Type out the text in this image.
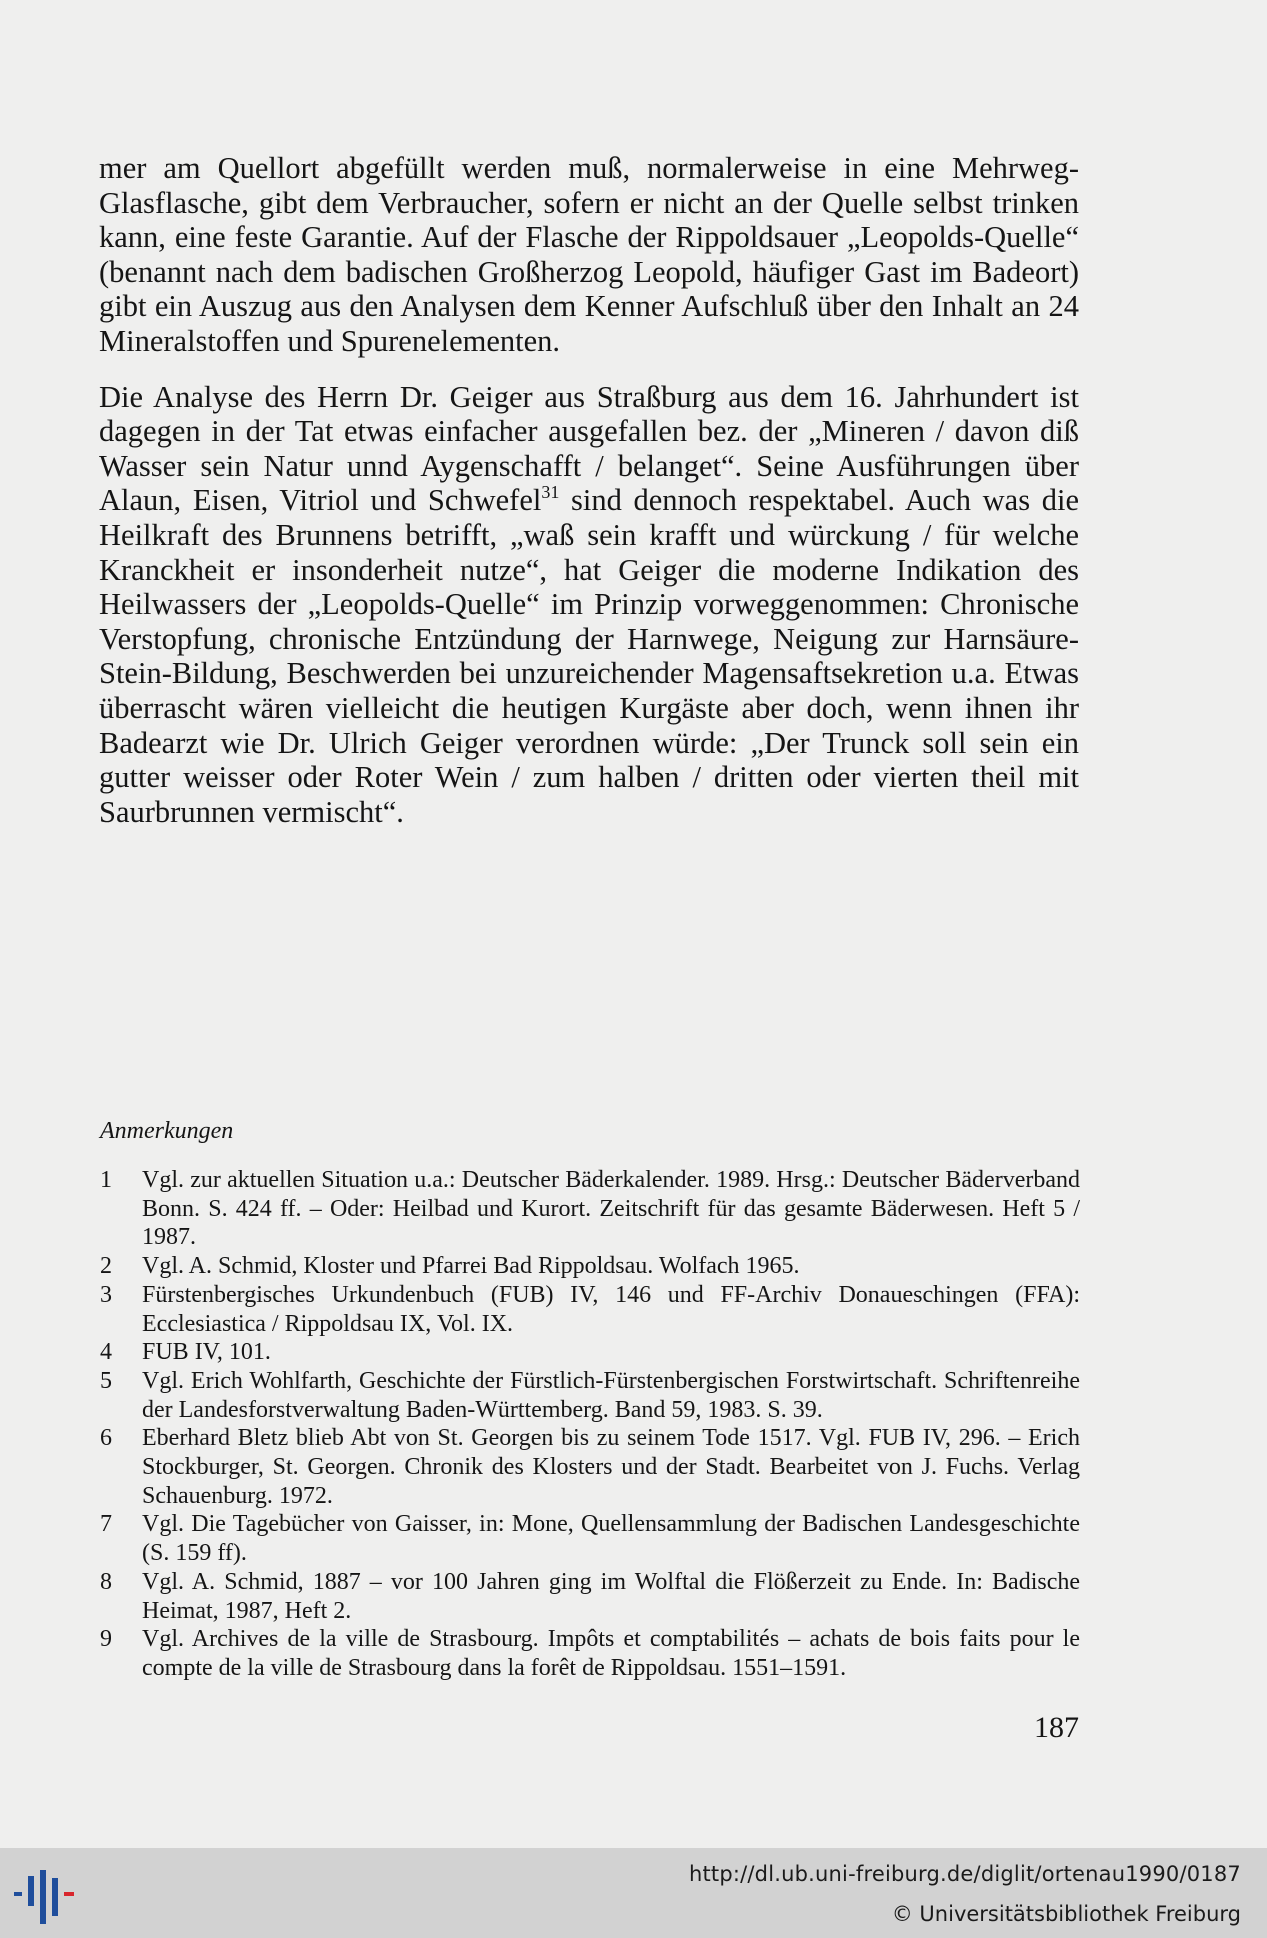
mer am Quellort abgefüllt werden muß, normalerweise in eine Mehrweg-Glasflasche, gibt dem Verbraucher, sofern er nicht an der Quelle selbst trinken kann, eine feste Garantie. Auf der Flasche der Rippoldsauer „Leopolds-Quelle“ (benannt nach dem badischen Großherzog Leopold, häufiger Gast im Badeort) gibt ein Auszug aus den Analysen dem Kenner Aufschluß über den Inhalt an 24 Mineralstoffen und Spurenelementen.

Die Analyse des Herrn Dr. Geiger aus Straßburg aus dem 16. Jahrhundert ist dagegen in der Tat etwas einfacher ausgefallen bez. der „Mineren / davon diß Wasser sein Natur unnd Aygenschafft / belanget“. Seine Ausführungen über Alaun, Eisen, Vitriol und Schwefel$^{31}$ sind dennoch respektabel. Auch was die Heilkraft des Brunnens betrifft, „waß sein krafft und würckung / für welche Kranckheit er insonderheit nutze“, hat Geiger die moderne Indikation des Heilwassers der „Leopolds-Quelle“ im Prinzip vorweggenommen: Chronische Verstopfung, chronische Entzündung der Harnwege, Neigung zur Harnsäure-Stein-Bildung, Beschwerden bei unzureichender Magensaftsekretion u.a. Etwas überrascht wären vielleicht die heutigen Kurgäste aber doch, wenn ihnen ihr Badearzt wie Dr. Ulrich Geiger verordnen würde: „Der Trunck soll sein ein gutter weisser oder Roter Wein / zum halben / dritten oder vierten theil mit Saurbrunnen vermischt“.

Anmerkungen
1	Vgl. zur aktuellen Situation u.a.: Deutscher Bäderkalender. 1989. Hrsg.: Deutscher Bäderverband Bonn. S. 424 ff. – Oder: Heilbad und Kurort. Zeitschrift für das gesamte Bäderwesen. Heft 5 / 1987.
2	Vgl. A. Schmid, Kloster und Pfarrei Bad Rippoldsau. Wolfach 1965.
3	Fürstenbergisches Urkundenbuch (FUB) IV, 146 und FF-Archiv Donaueschingen (FFA): Ecclesiastica / Rippoldsau IX, Vol. IX.
4	FUB IV, 101.
5	Vgl. Erich Wohlfarth, Geschichte der Fürstlich-Fürstenbergischen Forstwirtschaft. Schriftenreihe der Landesforstverwaltung Baden-Württemberg. Band 59, 1983. S. 39.
6	Eberhard Bletz blieb Abt von St. Georgen bis zu seinem Tode 1517. Vgl. FUB IV, 296. – Erich Stockburger, St. Georgen. Chronik des Klosters und der Stadt. Bearbeitet von J. Fuchs. Verlag Schauenburg. 1972.
7	Vgl. Die Tagebücher von Gaisser, in: Mone, Quellensammlung der Badischen Landesgeschichte (S. 159 ff).
8	Vgl. A. Schmid, 1887 – vor 100 Jahren ging im Wolftal die Flößerzeit zu Ende. In: Badische Heimat, 1987, Heft 2.
9	Vgl. Archives de la ville de Strasbourg. Impôts et comptabilités – achats de bois faits pour le compte de la ville de Strasbourg dans la forêt de Rippoldsau. 1551–1591.
187
http://dl.ub.uni-freiburg.de/diglit/ortenau1990/0187
© Universitätsbibliothek Freiburg
